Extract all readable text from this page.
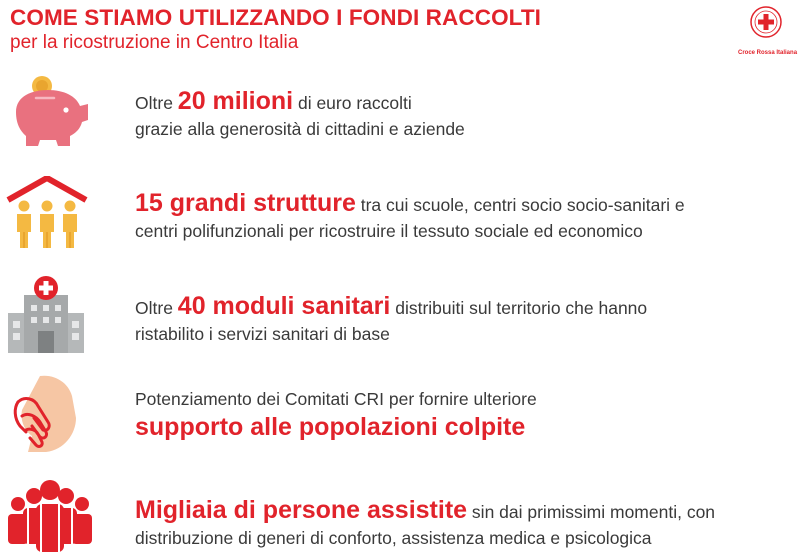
COME STIAMO UTILIZZANDO I FONDI RACCOLTI
per la ricostruzione in Centro Italia	Croce Rossa Italiana
Oltre 20 milioni di euro raccolti
grazie alla generosità di cittadini e aziende
15 grandi strutture tra cui scuole, centri socio socio-sanitari e
centri polifunzionali per ricostruire il tessuto sociale ed economico
Oltre 40 moduli sanitari distribuiti sul territorio che hanno
ristabilito i servizi sanitari di base
Potenziamento dei Comitati CRI per fornire ulteriore
supporto alle popolazioni colpite
Migliaia di persone assistite sin dai primissimi momenti, con
distribuzione di generi di conforto, assistenza medica e psicologica
